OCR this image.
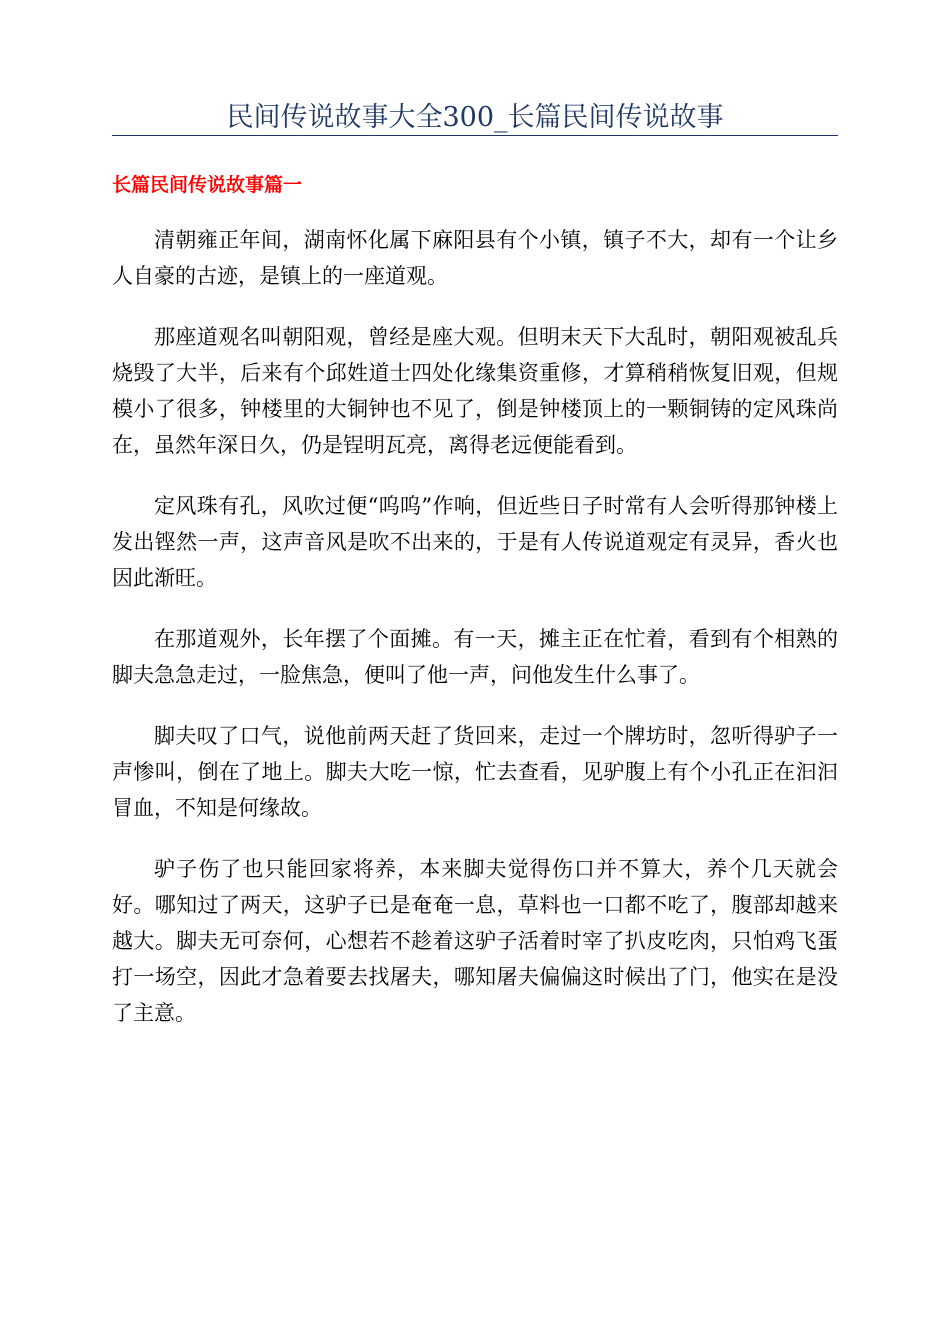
民间传说故事大全300_长篇民间传说故事
长篇民间传说故事篇一

清朝雍正年间，湖南怀化属下麻阳县有个小镇，镇子不大，却有一个让乡人自豪的古迹，是镇上的一座道观。

那座道观名叫朝阳观，曾经是座大观。但明末天下大乱时，朝阳观被乱兵烧毁了大半，后来有个邱姓道士四处化缘集资重修，才算稍稍恢复旧观，但规模小了很多，钟楼里的大铜钟也不见了，倒是钟楼顶上的一颗铜铸的定风珠尚在，虽然年深日久，仍是锃明瓦亮，离得老远便能看到。

定风珠有孔，风吹过便“呜呜”作响，但近些日子时常有人会听得那钟楼上发出铿然一声，这声音风是吹不出来的，于是有人传说道观定有灵异，香火也因此渐旺。

在那道观外，长年摆了个面摊。有一天，摊主正在忙着，看到有个相熟的脚夫急急走过，一脸焦急，便叫了他一声，问他发生什么事了。

脚夫叹了口气，说他前两天赶了货回来，走过一个牌坊时，忽听得驴子一声惨叫，倒在了地上。脚夫大吃一惊，忙去查看，见驴腹上有个小孔正在汩汩冒血，不知是何缘故。

驴子伤了也只能回家将养，本来脚夫觉得伤口并不算大，养个几天就会好。哪知过了两天，这驴子已是奄奄一息，草料也一口都不吃了，腹部却越来越大。脚夫无可奈何，心想若不趁着这驴子活着时宰了扒皮吃肉，只怕鸡飞蛋打一场空，因此才急着要去找屠夫，哪知屠夫偏偏这时候出了门，他实在是没了主意。
